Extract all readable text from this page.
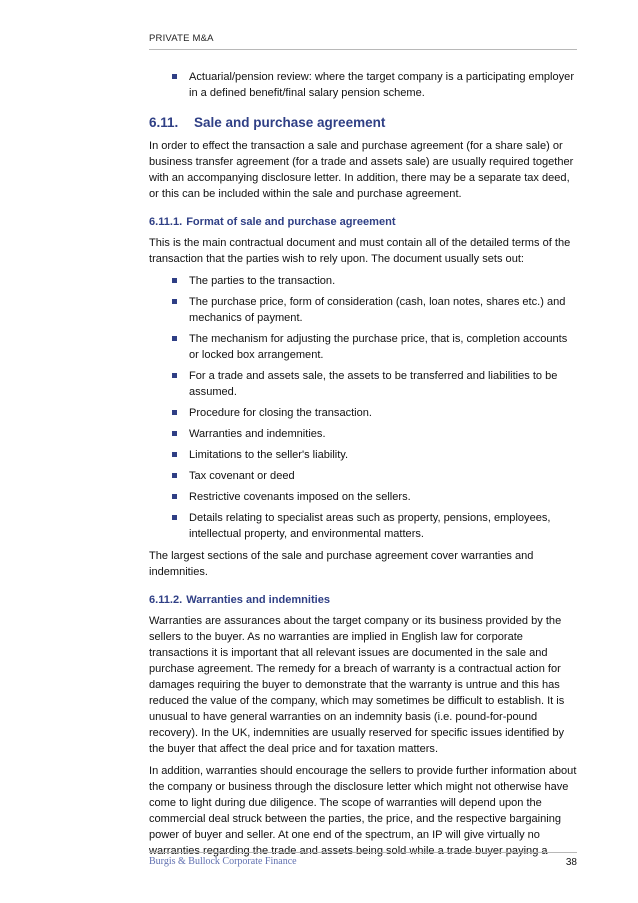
PRIVATE M&A
Actuarial/pension review: where the target company is a participating employer in a defined benefit/final salary pension scheme.
6.11. Sale and purchase agreement

In order to effect the transaction a sale and purchase agreement (for a share sale) or business transfer agreement (for a trade and assets sale) are usually required together with an accompanying disclosure letter. In addition, there may be a separate tax deed, or this can be included within the sale and purchase agreement.

6.11.1. Format of sale and purchase agreement

This is the main contractual document and must contain all of the detailed terms of the transaction that the parties wish to rely upon. The document usually sets out:

The parties to the transaction.
The purchase price, form of consideration (cash, loan notes, shares etc.) and mechanics of payment.
The mechanism for adjusting the purchase price, that is, completion accounts or locked box arrangement.
For a trade and assets sale, the assets to be transferred and liabilities to be assumed.
Procedure for closing the transaction.
Warranties and indemnities.
Limitations to the seller's liability.
Tax covenant or deed
Restrictive covenants imposed on the sellers.
Details relating to specialist areas such as property, pensions, employees, intellectual property, and environmental matters.

The largest sections of the sale and purchase agreement cover warranties and indemnities.

6.11.2. Warranties and indemnities

Warranties are assurances about the target company or its business provided by the sellers to the buyer. As no warranties are implied in English law for corporate transactions it is important that all relevant issues are documented in the sale and purchase agreement. The remedy for a breach of warranty is a contractual action for damages requiring the buyer to demonstrate that the warranty is untrue and this has reduced the value of the company, which may sometimes be difficult to establish. It is unusual to have general warranties on an indemnity basis (i.e. pound-for-pound recovery). In the UK, indemnities are usually reserved for specific issues identified by the buyer that affect the deal price and for taxation matters.

In addition, warranties should encourage the sellers to provide further information about the company or business through the disclosure letter which might not otherwise have come to light during due diligence. The scope of warranties will depend upon the commercial deal struck between the parties, the price, and the respective bargaining power of buyer and seller. At one end of the spectrum, an IP will give virtually no warranties regarding the trade and assets being sold while a trade buyer paying a

Burgis & Bullock Corporate Finance	38
